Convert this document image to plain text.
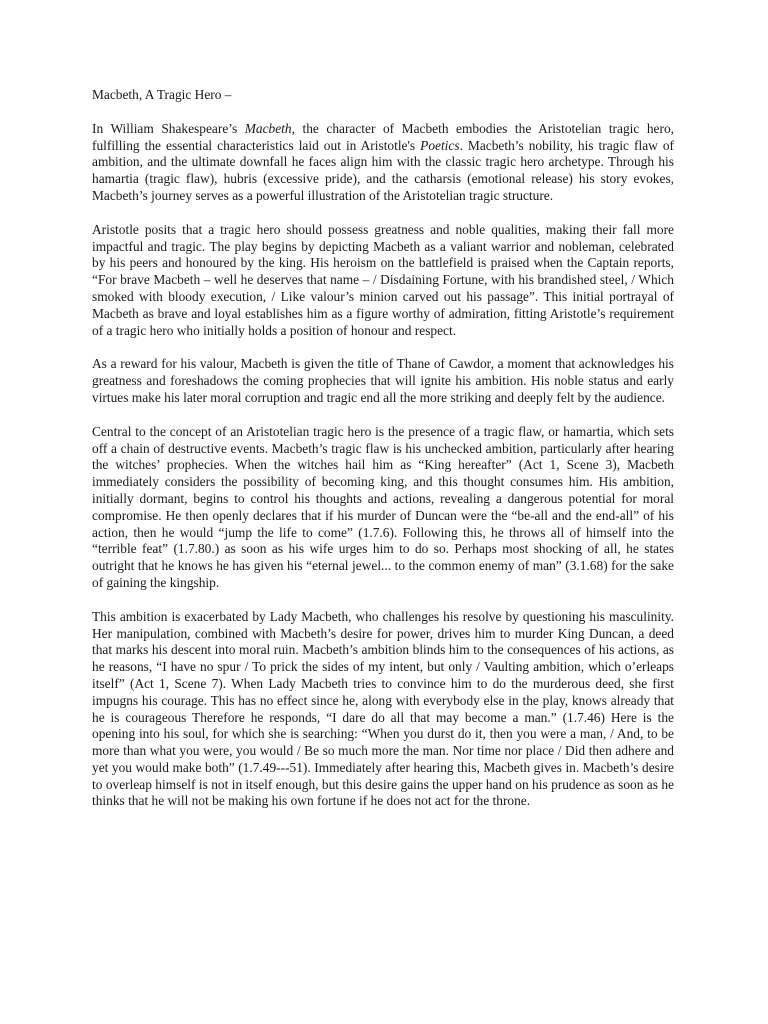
Macbeth, A Tragic Hero –

In William Shakespeare’s Macbeth, the character of Macbeth embodies the Aristotelian tragic hero, fulfilling the essential characteristics laid out in Aristotle's Poetics. Macbeth’s nobility, his tragic flaw of ambition, and the ultimate downfall he faces align him with the classic tragic hero archetype. Through his hamartia (tragic flaw), hubris (excessive pride), and the catharsis (emotional release) his story evokes, Macbeth’s journey serves as a powerful illustration of the Aristotelian tragic structure.

Aristotle posits that a tragic hero should possess greatness and noble qualities, making their fall more impactful and tragic. The play begins by depicting Macbeth as a valiant warrior and nobleman, celebrated by his peers and honoured by the king. His heroism on the battlefield is praised when the Captain reports, “For brave Macbeth – well he deserves that name – / Disdaining Fortune, with his brandished steel, / Which smoked with bloody execution, / Like valour’s minion carved out his passage”. This initial portrayal of Macbeth as brave and loyal establishes him as a figure worthy of admiration, fitting Aristotle’s requirement of a tragic hero who initially holds a position of honour and respect.

As a reward for his valour, Macbeth is given the title of Thane of Cawdor, a moment that acknowledges his greatness and foreshadows the coming prophecies that will ignite his ambition. His noble status and early virtues make his later moral corruption and tragic end all the more striking and deeply felt by the audience.

Central to the concept of an Aristotelian tragic hero is the presence of a tragic flaw, or hamartia, which sets off a chain of destructive events. Macbeth’s tragic flaw is his unchecked ambition, particularly after hearing the witches’ prophecies. When the witches hail him as “King hereafter” (Act 1, Scene 3), Macbeth immediately considers the possibility of becoming king, and this thought consumes him. His ambition, initially dormant, begins to control his thoughts and actions, revealing a dangerous potential for moral compromise. He then openly declares that if his murder of Duncan were the “be-all and the end-all” of his action, then he would “jump the life to come” (1.7.6). Following this, he throws all of himself into the “terrible feat” (1.7.80.) as soon as his wife urges him to do so. Perhaps most shocking of all, he states outright that he knows he has given his “eternal jewel... to the common enemy of man” (3.1.68) for the sake of gaining the kingship.

This ambition is exacerbated by Lady Macbeth, who challenges his resolve by questioning his masculinity. Her manipulation, combined with Macbeth’s desire for power, drives him to murder King Duncan, a deed that marks his descent into moral ruin. Macbeth’s ambition blinds him to the consequences of his actions, as he reasons, “I have no spur / To prick the sides of my intent, but only / Vaulting ambition, which o’erleaps itself” (Act 1, Scene 7). When Lady Macbeth tries to convince him to do the murderous deed, she first impugns his courage. This has no effect since he, along with everybody else in the play, knows already that he is courageous Therefore he responds, “I dare do all that may become a man.” (1.7.46) Here is the opening into his soul, for which she is searching: “When you durst do it, then you were a man, / And, to be more than what you were, you would / Be so much more the man. Nor time nor place / Did then adhere and yet you would make both” (1.7.49---51). Immediately after hearing this, Macbeth gives in. Macbeth’s desire to overleap himself is not in itself enough, but this desire gains the upper hand on his prudence as soon as he thinks that he will not be making his own fortune if he does not act for the throne.
